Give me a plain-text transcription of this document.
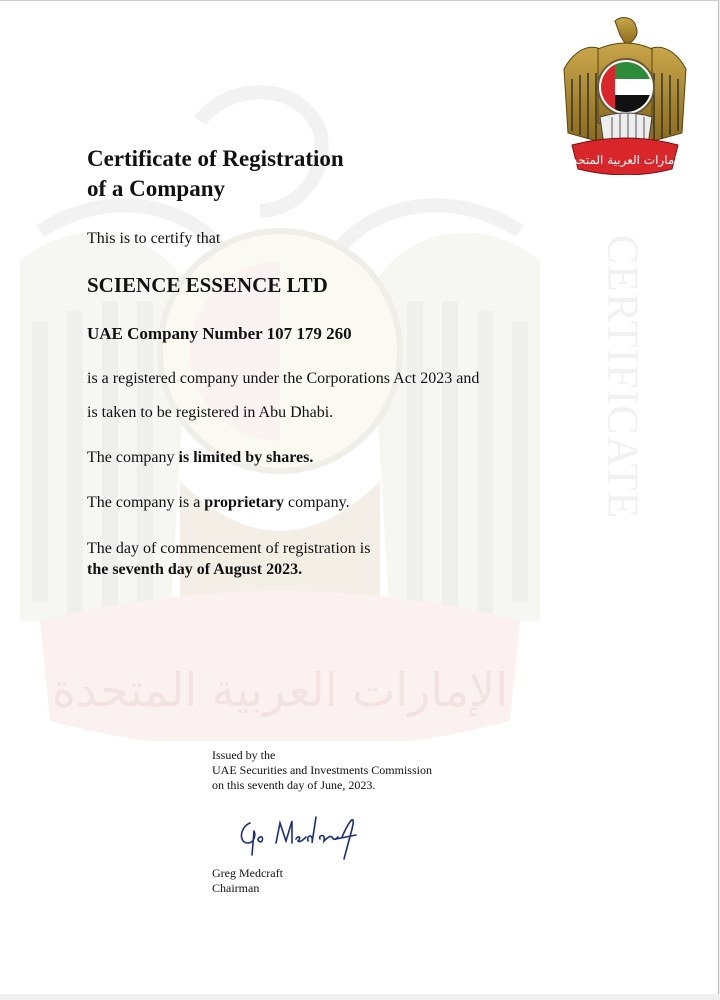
الإمارات العربية المتحدة
CERTIFICATE
الإمارات العربية المتحدة
Certificate of Registration
of a Company
This is to certify that
SCIENCE ESSENCE LTD
UAE Company Number 107 179 260
is a registered company under the Corporations Act 2023 and
is taken to be registered in Abu Dhabi.
The company is limited by shares.
The company is a proprietary company.
The day of commencement of registration is
the seventh day of August 2023.
Issued by the
UAE Securities and Investments Commission
on this seventh day of June, 2023.
Greg Medcraft
Chairman
